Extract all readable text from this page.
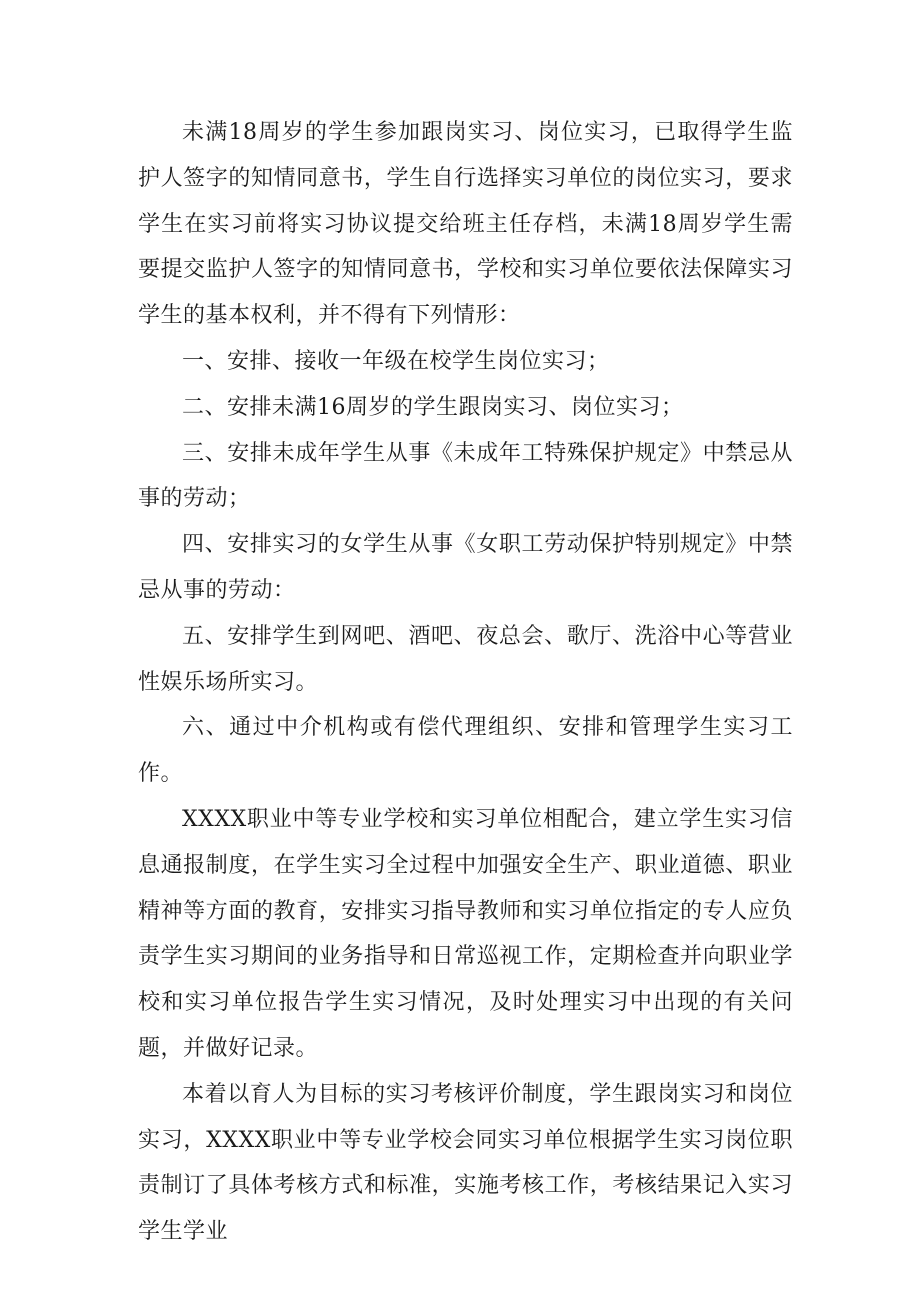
未满18周岁的学生参加跟岗实习、岗位实习，已取得学生监护人签字的知情同意书，学生自行选择实习单位的岗位实习，要求学生在实习前将实习协议提交给班主任存档，未满18周岁学生需要提交监护人签字的知情同意书，学校和实习单位要依法保障实习学生的基本权利，并不得有下列情形：

一、安排、接收一年级在校学生岗位实习；

二、安排未满16周岁的学生跟岗实习、岗位实习；

三、安排未成年学生从事《未成年工特殊保护规定》中禁忌从事的劳动；

四、安排实习的女学生从事《女职工劳动保护特别规定》中禁忌从事的劳动：

五、安排学生到网吧、酒吧、夜总会、歌厅、洗浴中心等营业性娱乐场所实习。

六、通过中介机构或有偿代理组织、安排和管理学生实习工作。

XXXX职业中等专业学校和实习单位相配合，建立学生实习信息通报制度，在学生实习全过程中加强安全生产、职业道德、职业精神等方面的教育，安排实习指导教师和实习单位指定的专人应负责学生实习期间的业务指导和日常巡视工作，定期检查并向职业学校和实习单位报告学生实习情况，及时处理实习中出现的有关问题，并做好记录。

本着以育人为目标的实习考核评价制度，学生跟岗实习和岗位实习，XXXX职业中等专业学校会同实习单位根据学生实习岗位职责制订了具体考核方式和标准，实施考核工作，考核结果记入实习学生学业
